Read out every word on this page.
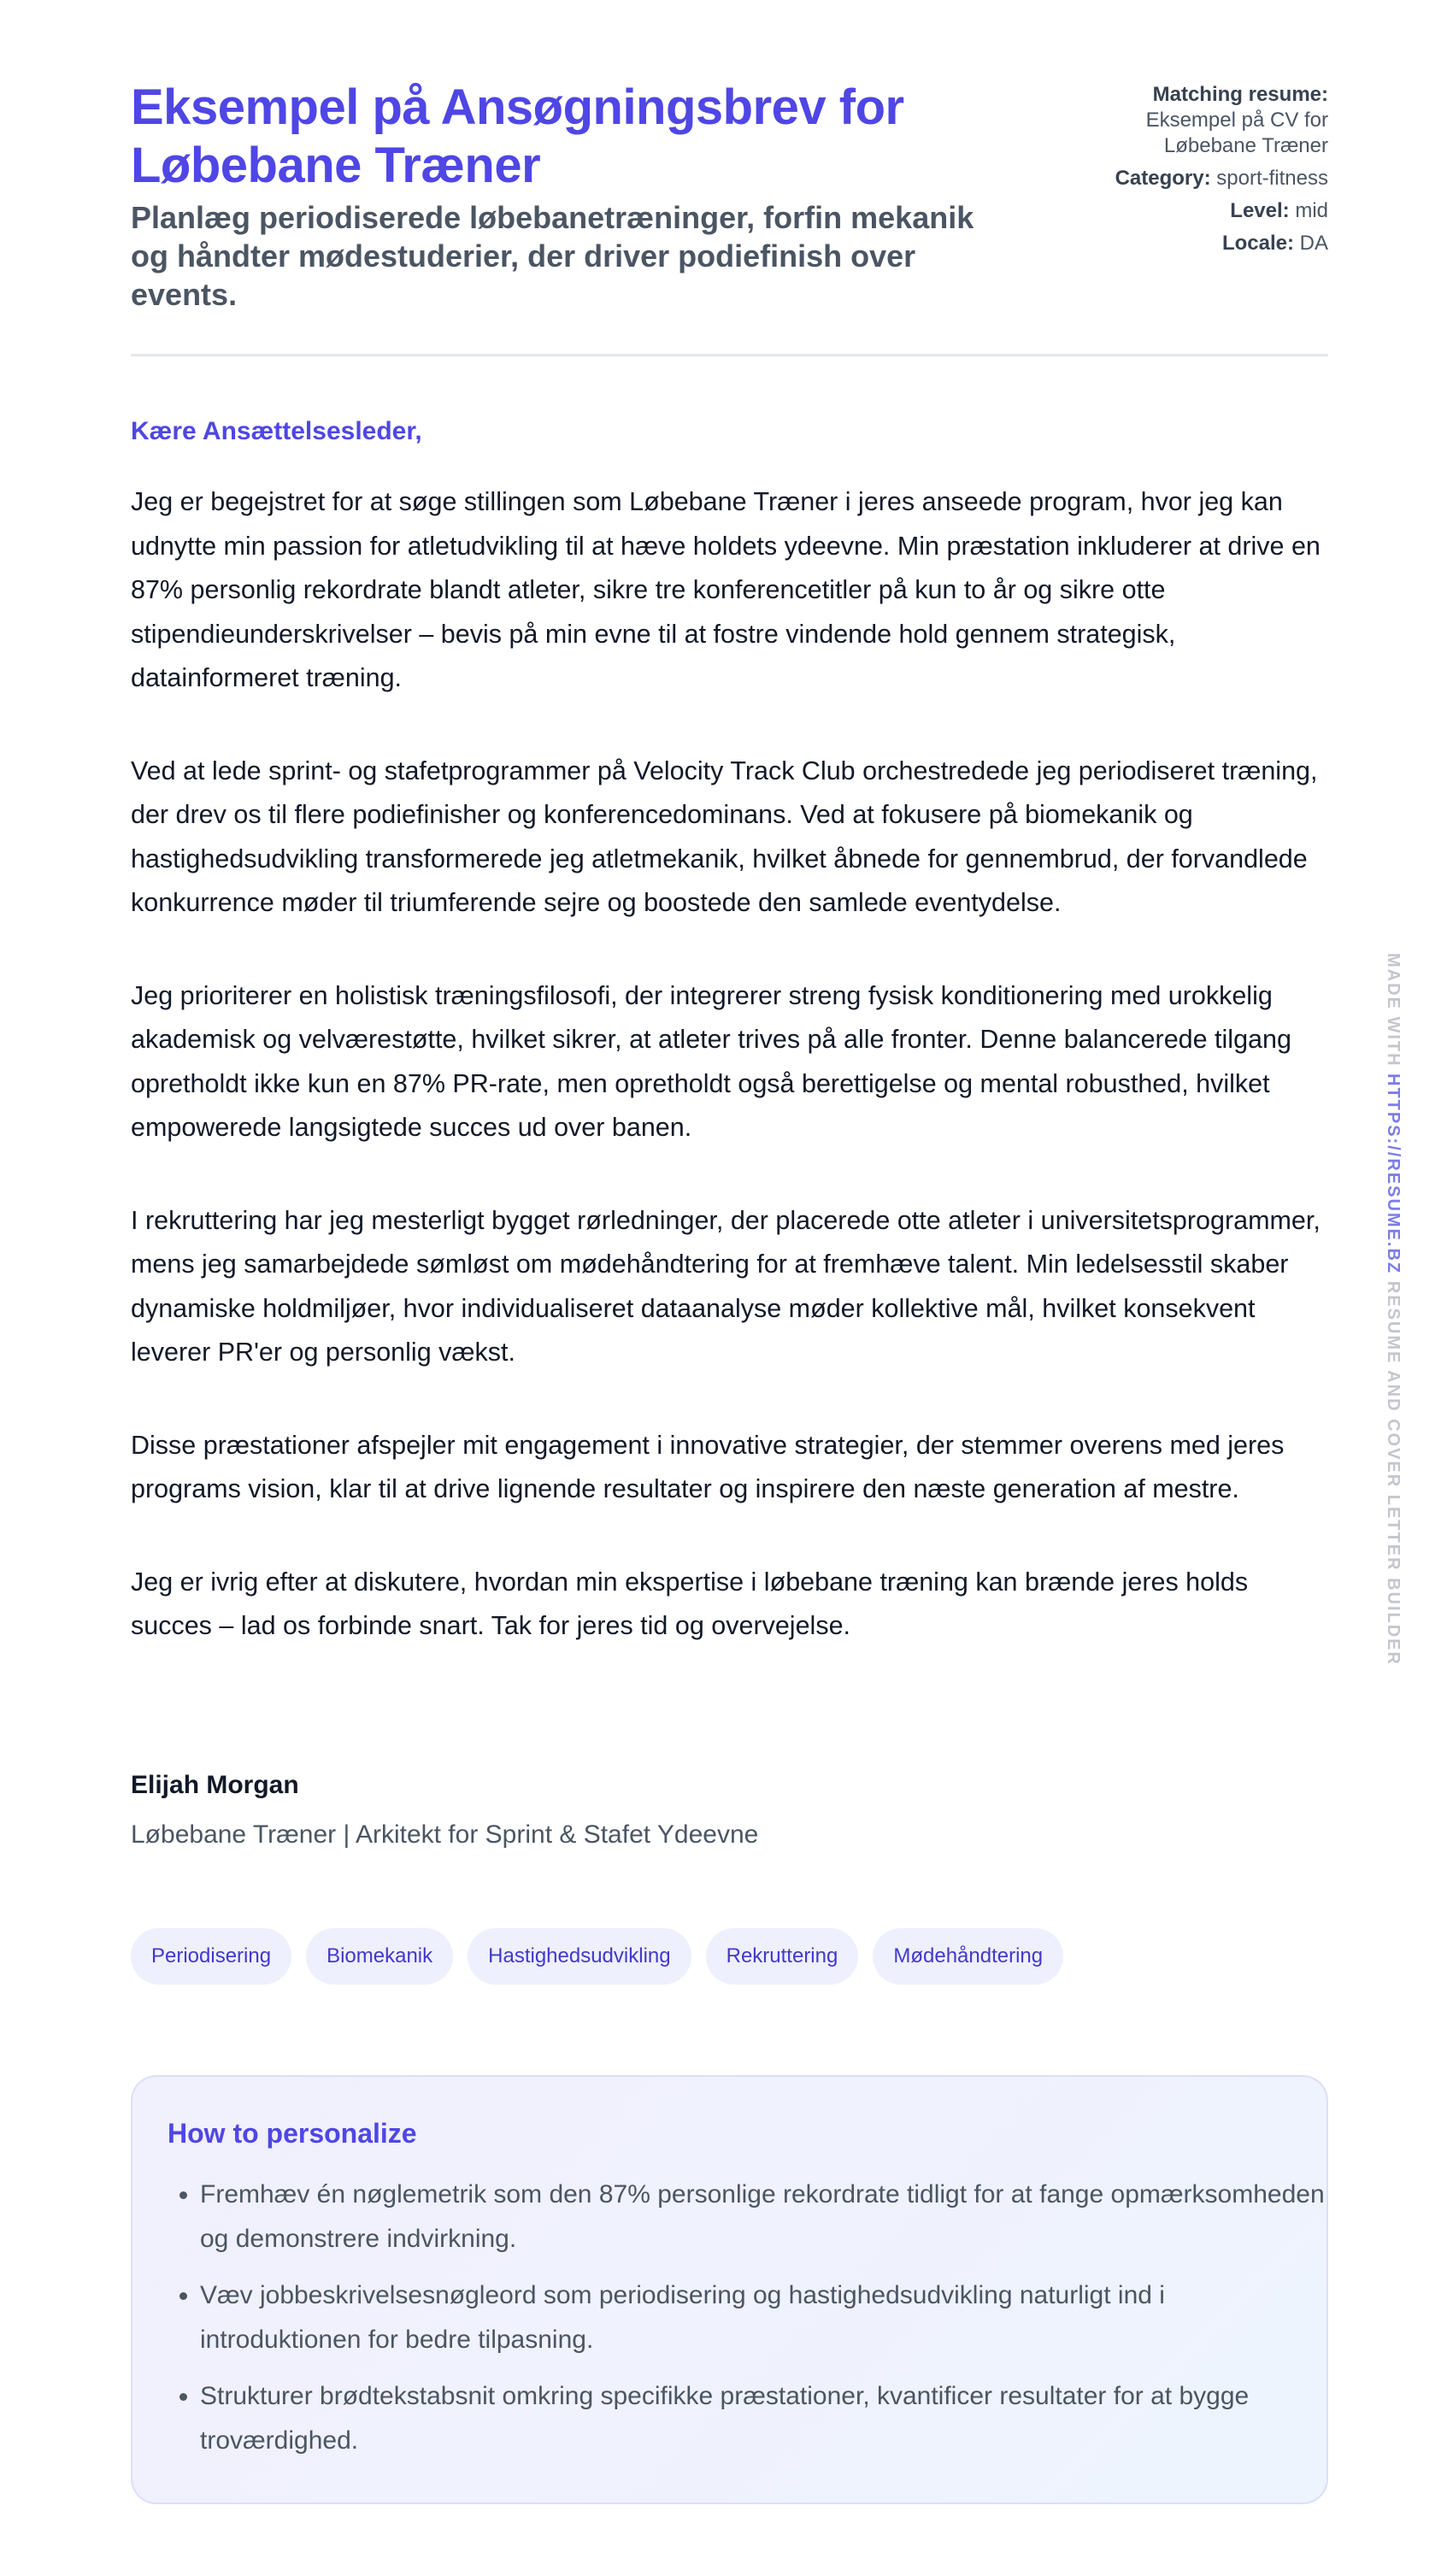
Eksempel på Ansøgningsbrev for Løbebane Træner
Planlæg periodiserede løbebanetræninger, forfin mekanik og håndter mødestuderier, der driver podiefinish over events.
Matching resume:
Eksempel på CV for Løbebane Træner
Category: sport-fitness
Level: mid
Locale: DA

Kære Ansættelsesleder,

Jeg er begejstret for at søge stillingen som Løbebane Træner i jeres anseede program, hvor jeg kan udnytte min passion for atletudvikling til at hæve holdets ydeevne. Min præstation inkluderer at drive en 87% personlig rekordrate blandt atleter, sikre tre konferencetitler på kun to år og sikre otte stipendieunderskrivelser – bevis på min evne til at fostre vindende hold gennem strategisk, datainformeret træning.

Ved at lede sprint- og stafetprogrammer på Velocity Track Club orchestredede jeg periodiseret træning, der drev os til flere podiefinisher og konferencedominans. Ved at fokusere på biomekanik og hastighedsudvikling transformerede jeg atletmekanik, hvilket åbnede for gennembrud, der forvandlede konkurrence møder til triumferende sejre og boostede den samlede eventydelse.

Jeg prioriterer en holistisk træningsfilosofi, der integrerer streng fysisk konditionering med urokkelig akademisk og velværestøtte, hvilket sikrer, at atleter trives på alle fronter. Denne balancerede tilgang opretholdt ikke kun en 87% PR-rate, men opretholdt også berettigelse og mental robusthed, hvilket empowerede langsigtede succes ud over banen.

I rekruttering har jeg mesterligt bygget rørledninger, der placerede otte atleter i universitetsprogrammer, mens jeg samarbejdede sømløst om mødehåndtering for at fremhæve talent. Min ledelsesstil skaber dynamiske holdmiljøer, hvor individualiseret dataanalyse møder kollektive mål, hvilket konsekvent leverer PR'er og personlig vækst.

Disse præstationer afspejler mit engagement i innovative strategier, der stemmer overens med jeres programs vision, klar til at drive lignende resultater og inspirere den næste generation af mestre.

Jeg er ivrig efter at diskutere, hvordan min ekspertise i løbebane træning kan brænde jeres holds succes – lad os forbinde snart. Tak for jeres tid og overvejelse.

Elijah Morgan

Løbebane Træner | Arkitekt for Sprint & Stafet Ydeevne

Periodisering	Biomekanik	Hastighedsudvikling	Rekruttering	Mødehåndtering
How to personalize
• Fremhæv én nøglemetrik som den 87% personlige rekordrate tidligt for at fange opmærksomheden og demonstrere indvirkning.
• Væv jobbeskrivelsesnøgleord som periodisering og hastighedsudvikling naturligt ind i introduktionen for bedre tilpasning.
• Strukturer brødtekstabsnit omkring specifikke præstationer, kvantificer resultater for at bygge troværdighed.
MADE WITH HTTPS://RESUME.BZ RESUME AND COVER LETTER BUILDER
